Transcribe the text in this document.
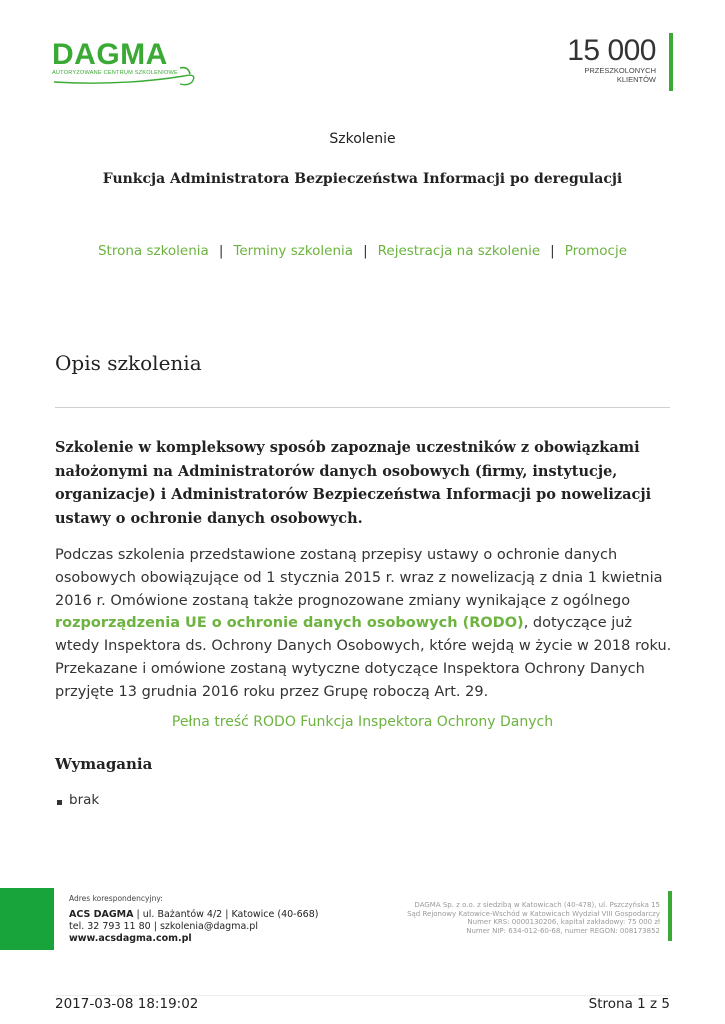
DAGMA
AUTORYZOWANE CENTRUM SZKOLENIOWE
15 000
PRZESZKOLONYCH
KLIENTÓW
Szkolenie
Funkcja Administratora Bezpieczeństwa Informacji po deregulacji
Strona szkolenia | Terminy szkolenia | Rejestracja na szkolenie | Promocje
Opis szkolenia
Szkolenie w kompleksowy sposób zapoznaje uczestników z obowiązkami nałożonymi na Administratorów danych osobowych (firmy, instytucje, organizacje) i Administratorów Bezpieczeństwa Informacji po nowelizacji ustawy o ochronie danych osobowych.
Podczas szkolenia przedstawione zostaną przepisy ustawy o ochronie danych osobowych obowiązujące od 1 stycznia 2015 r. wraz z nowelizacją z dnia 1 kwietnia 2016 r. Omówione zostaną także prognozowane zmiany wynikające z ogólnego rozporządzenia UE o ochronie danych osobowych (RODO), dotyczące już wtedy Inspektora ds. Ochrony Danych Osobowych, które wejdą w życie w 2018 roku. Przekazane i omówione zostaną wytyczne dotyczące Inspektora Ochrony Danych przyjęte 13 grudnia 2016 roku przez Grupę roboczą Art. 29.
Pełna treść RODO Funkcja Inspektora Ochrony Danych
Wymagania
brak
Adres korespondencyjny:
ACS DAGMA | ul. Bażantów 4/2 | Katowice (40-668)
tel. 32 793 11 80 | szkolenia@dagma.pl
www.acsdagma.com.pl
DAGMA Sp. z o.o. z siedzibą w Katowicach (40-478), ul. Pszczyńska 15
Sąd Rejonowy Katowice-Wschód w Katowicach Wydział VIII Gospodarczy
Numer KRS: 0000130206, kapitał zakładowy: 75 000 zł
Numer NIP: 634-012-60-68, numer REGON: 008173852
2017-03-08 18:19:02	Strona 1 z 5
